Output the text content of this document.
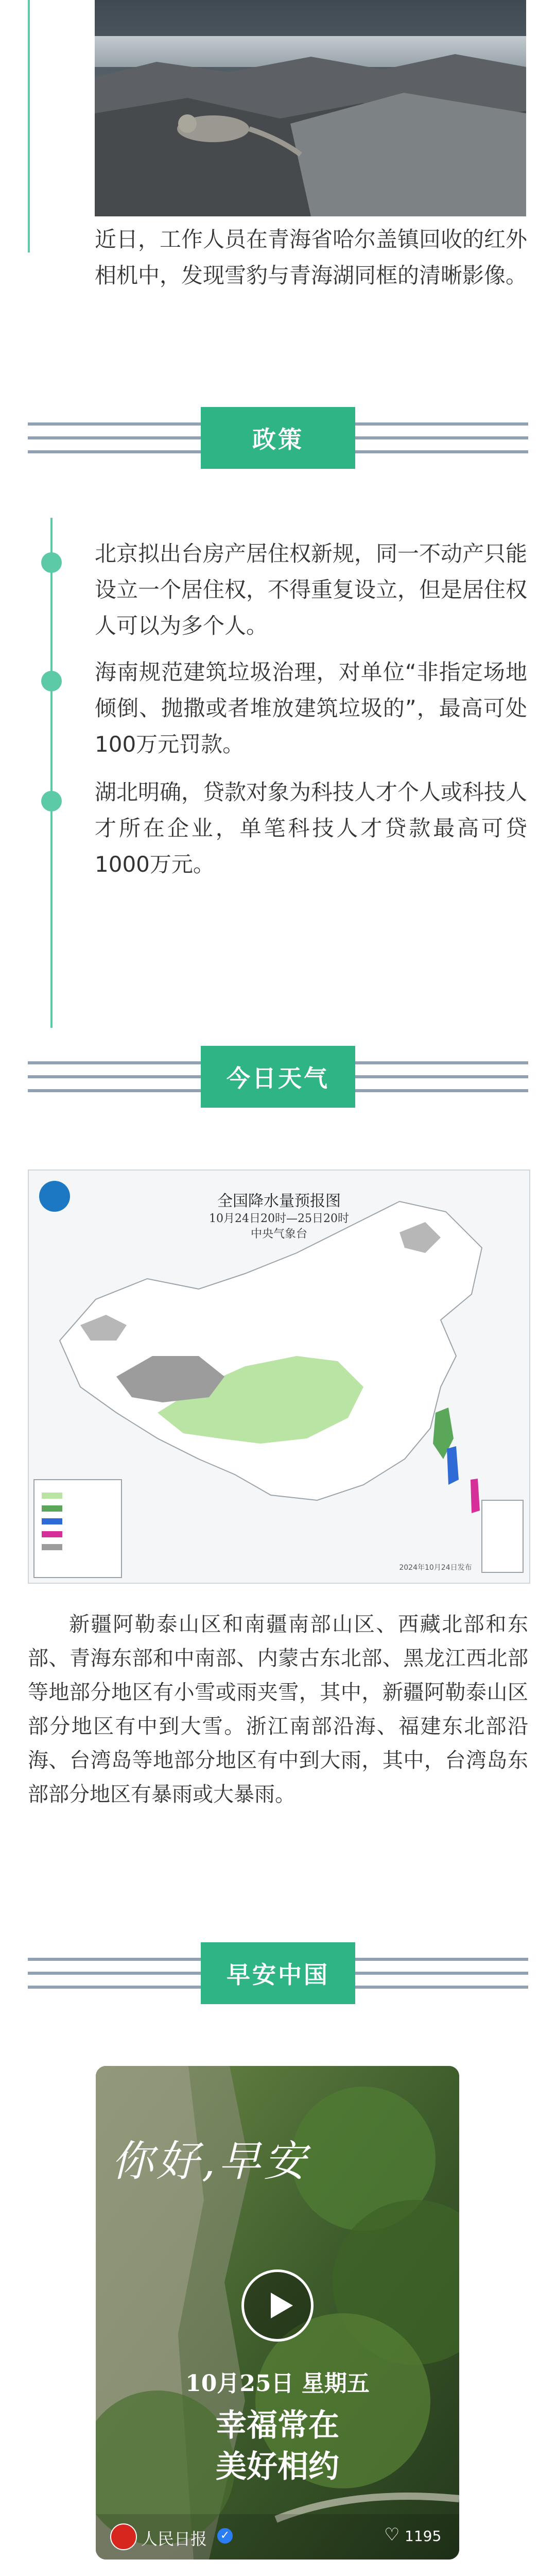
近日，工作人员在青海省哈尔盖镇回收的红外相机中，发现雪豹与青海湖同框的清晰影像。
政策
北京拟出台房产居住权新规，同一不动产只能设立一个居住权，不得重复设立，但是居住权人可以为多个人。
海南规范建筑垃圾治理，对单位“非指定场地倾倒、抛撒或者堆放建筑垃圾的”，最高可处100万元罚款。
湖北明确，贷款对象为科技人才个人或科技人才所在企业，单笔科技人才贷款最高可贷1000万元。
今日天气
全国降水量预报图
10月24日20时—25日20时
中央气象台
2024年10月24日发布
新疆阿勒泰山区和南疆南部山区、西藏北部和东部、青海东部和中南部、内蒙古东北部、黑龙江西北部等地部分地区有小雪或雨夹雪，其中，新疆阿勒泰山区部分地区有中到大雪。浙江南部沿海、福建东北部沿海、台湾岛等地部分地区有中到大雨，其中，台湾岛东部部分地区有暴雨或大暴雨。
早安中国
你好,早安
10月25日 星期五
幸福常在
美好相约
人民日报 ✓	♡ 1195
